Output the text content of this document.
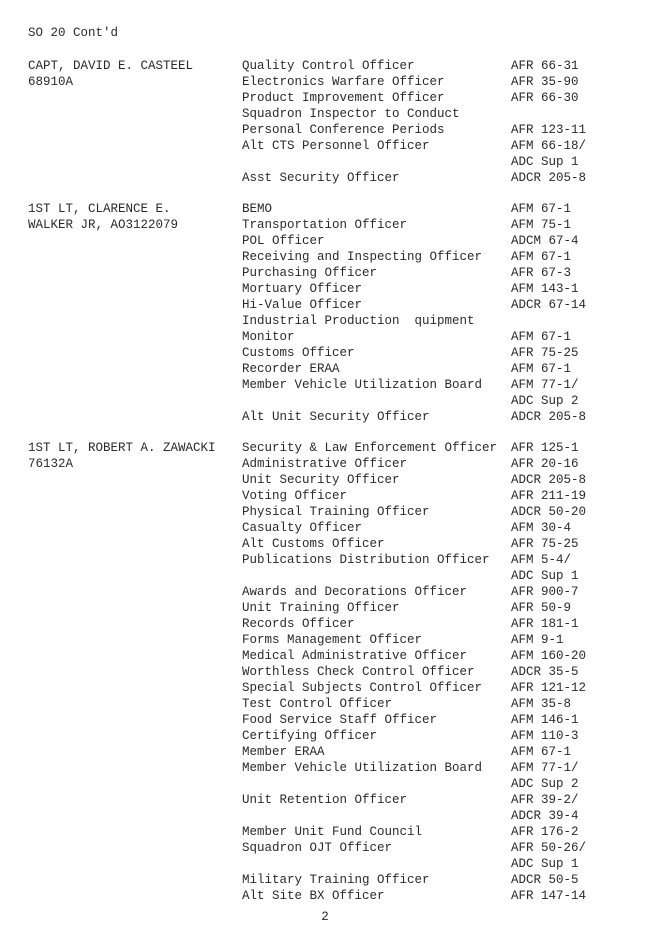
SO 20 Cont'd
CAPT, DAVID E. CASTEEL
68910A
Quality Control Officer	AFR 66-31
Electronics Warfare Officer	AFR 35-90
Product Improvement Officer	AFR 66-30
Squadron Inspector to Conduct
Personal Conference Periods	AFR 123-11
Alt CTS Personnel Officer	AFM 66-18/
ADC Sup 1
Asst Security Officer	ADCR 205-8
1ST LT, CLARENCE E.
WALKER JR, AO3122079
BEMO	AFM 67-1
Transportation Officer	AFM 75-1
POL Officer	ADCM 67-4
Receiving and Inspecting Officer AFM 67-1
Purchasing Officer	AFR 67-3
Mortuary Officer	AFM 143-1
Hi-Value Officer	ADCR 67-14
Industrial Production  quipment
Monitor	AFM 67-1
Customs Officer	AFR 75-25
Recorder ERAA	AFM 67-1
Member Vehicle Utilization Board AFM 77-1/
ADC Sup 2
Alt Unit Security Officer	ADCR 205-8
1ST LT, ROBERT A. ZAWACKI
76132A
Security & Law Enforcement Officer AFR 125-1
Administrative Officer	AFR 20-16
Unit Security Officer	ADCR 205-8
Voting Officer	AFR 211-19
Physical Training Officer	ADCR 50-20
Casualty Officer	AFM 30-4
Alt Customs Officer	AFR 75-25
Publications Distribution Officer AFM 5-4/
ADC Sup 1
Awards and Decorations Officer	AFR 900-7
Unit Training Officer	AFR 50-9
Records Officer	AFR 181-1
Forms Management Officer	AFM 9-1
Medical Administrative Officer	AFM 160-20
Worthless Check Control Officer	ADCR 35-5
Special Subjects Control Officer AFR 121-12
Test Control Officer	AFM 35-8
Food Service Staff Officer	AFM 146-1
Certifying Officer	AFM 110-3
Member ERAA	AFM 67-1
Member Vehicle Utilization Board AFM 77-1/
ADC Sup 2
Unit Retention Officer	AFR 39-2/
ADCR 39-4
Member Unit Fund Council	AFR 176-2
Squadron OJT Officer	AFR 50-26/
ADC Sup 1
Military Training Officer	ADCR 50-5
Alt Site BX Officer	AFR 147-14
2
